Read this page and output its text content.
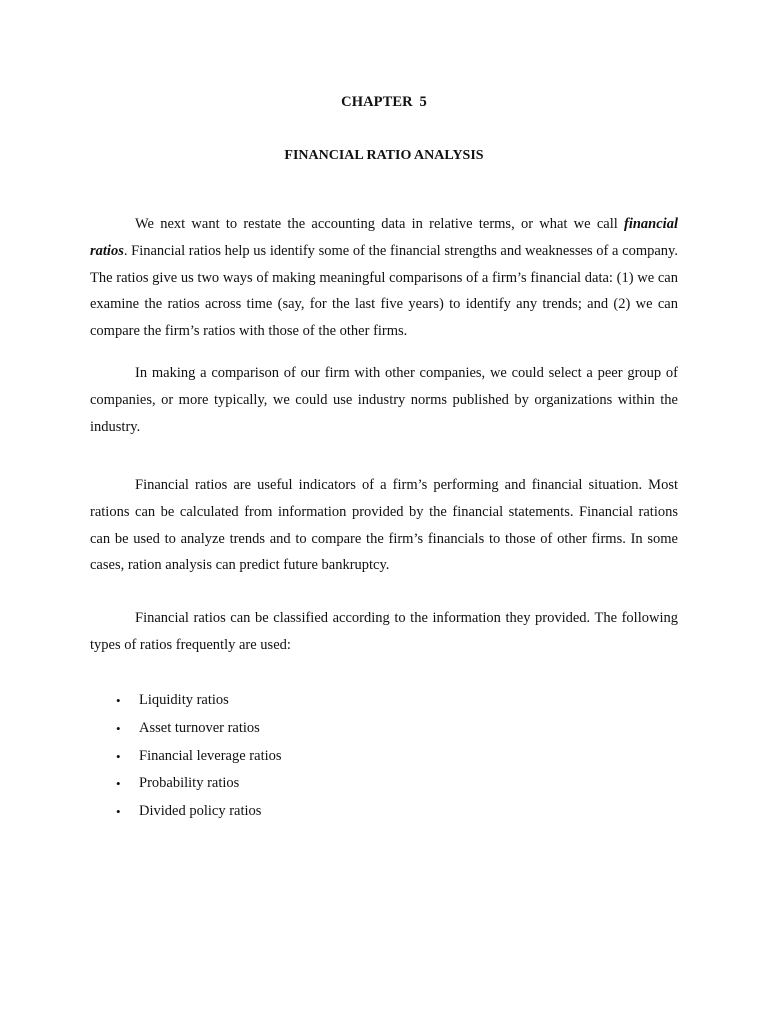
CHAPTER 5
FINANCIAL RATIO ANALYSIS

We next want to restate the accounting data in relative terms, or what we call financial ratios. Financial ratios help us identify some of the financial strengths and weaknesses of a company. The ratios give us two ways of making meaningful comparisons of a firm’s financial data: (1) we can examine the ratios across time (say, for the last five years) to identify any trends; and (2) we can compare the firm’s ratios with those of the other firms.

In making a comparison of our firm with other companies, we could select a peer group of companies, or more typically, we could use industry norms published by organizations within the industry.

Financial ratios are useful indicators of a firm’s performing and financial situation. Most rations can be calculated from information provided by the financial statements. Financial rations can be used to analyze trends and to compare the firm’s financials to those of other firms. In some cases, ration analysis can predict future bankruptcy.

Financial ratios can be classified according to the information they provided. The following types of ratios frequently are used:

• Liquidity ratios
• Asset turnover ratios
• Financial leverage ratios
• Probability ratios
• Divided policy ratios
